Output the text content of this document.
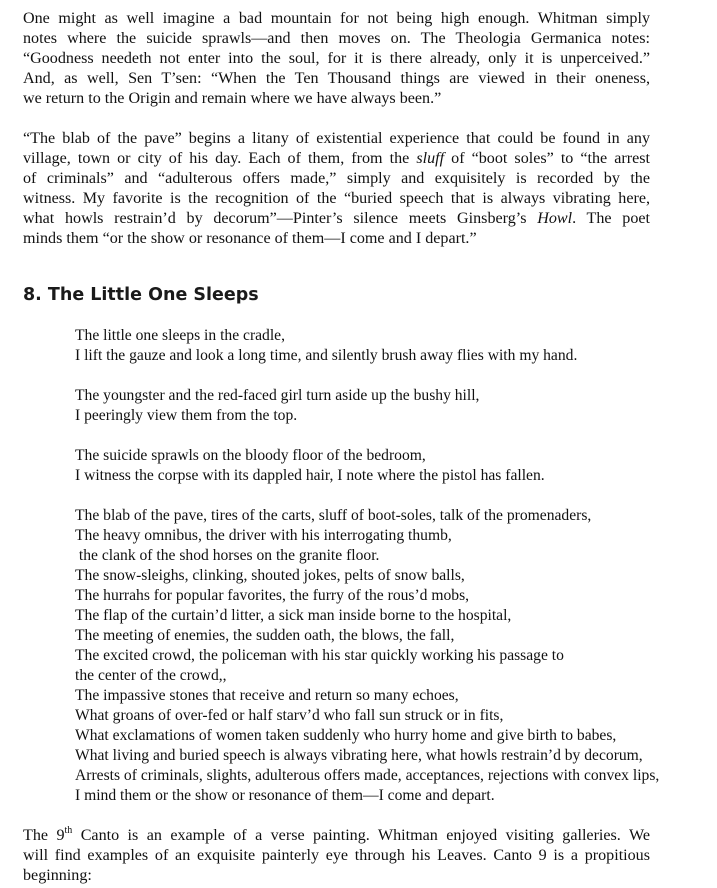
One might as well imagine a bad mountain for not being high enough. Whitman simply
notes where the suicide sprawls—and then moves on. The Theologia Germanica notes:
“Goodness needeth not enter into the soul, for it is there already, only it is unperceived.”
And, as well, Sen T’sen: “When the Ten Thousand things are viewed in their oneness,
we return to the Origin and remain where we have always been.”
“The blab of the pave” begins a litany of existential experience that could be found in any
village, town or city of his day. Each of them, from the sluff of “boot soles” to “the arrest
of criminals” and “adulterous offers made,” simply and exquisitely is recorded by the
witness. My favorite is the recognition of the “buried speech that is always vibrating here,
what howls restrain’d by decorum”—Pinter’s silence meets Ginsberg’s Howl. The poet
minds them “or the show or resonance of them—I come and I depart.”
8. The Little One Sleeps
The little one sleeps in the cradle,
I lift the gauze and look a long time, and silently brush away flies with my hand.
The youngster and the red-faced girl turn aside up the bushy hill,
I peeringly view them from the top.
The suicide sprawls on the bloody floor of the bedroom,
I witness the corpse with its dappled hair, I note where the pistol has fallen.
The blab of the pave, tires of the carts, sluff of boot-soles, talk of the promenaders,
The heavy omnibus, the driver with his interrogating thumb,
the clank of the shod horses on the granite floor.
The snow-sleighs, clinking, shouted jokes, pelts of snow balls,
The hurrahs for popular favorites, the furry of the rous’d mobs,
The flap of the curtain’d litter, a sick man inside borne to the hospital,
The meeting of enemies, the sudden oath, the blows, the fall,
The excited crowd, the policeman with his star quickly working his passage to
the center of the crowd,,
The impassive stones that receive and return so many echoes,
What groans of over-fed or half starv’d who fall sun struck or in fits,
What exclamations of women taken suddenly who hurry home and give birth to babes,
What living and buried speech is always vibrating here, what howls restrain’d by decorum,
Arrests of criminals, slights, adulterous offers made, acceptances, rejections with convex lips,
I mind them or the show or resonance of them—I come and depart.
The 9th Canto is an example of a verse painting. Whitman enjoyed visiting galleries. We
will find examples of an exquisite painterly eye through his Leaves. Canto 9 is a propitious
beginning:
